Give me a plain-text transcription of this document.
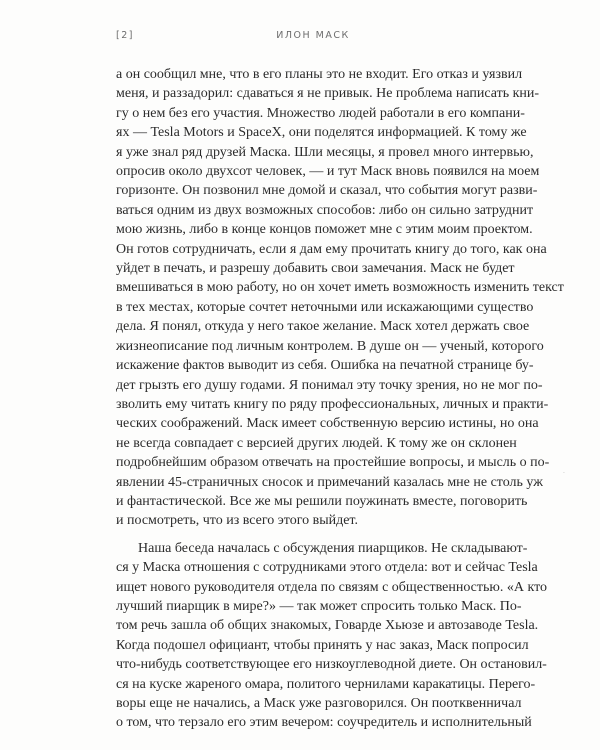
[2]	ИЛОН МАСК

а он сообщил мне, что в его планы это не входит. Его отказ и уязвил
меня, и раззадорил: сдаваться я не привык. Не проблема написать кни-
гу о нем без его участия. Множество людей работали в его компани-
ях — Tesla Motors и SpaceX, они поделятся информацией. К тому же
я уже знал ряд друзей Маска. Шли месяцы, я провел много интервью,
опросив около двухсот человек, — и тут Маск вновь появился на моем
горизонте. Он позвонил мне домой и сказал, что события могут разви-
ваться одним из двух возможных способов: либо он сильно затруднит
мою жизнь, либо в конце концов поможет мне с этим моим проектом.
Он готов сотрудничать, если я дам ему прочитать книгу до того, как она
уйдет в печать, и разрешу добавить свои замечания. Маск не будет
вмешиваться в мою работу, но он хочет иметь возможность изменить текст
в тех местах, которые сочтет неточными или искажающими существо
дела. Я понял, откуда у него такое желание. Маск хотел держать свое
жизнеописание под личным контролем. В душе он — ученый, которого
искажение фактов выводит из себя. Ошибка на печатной странице бу-
дет грызть его душу годами. Я понимал эту точку зрения, но не мог по-
зволить ему читать книгу по ряду профессиональных, личных и практи-
ческих соображений. Маск имеет собственную версию истины, но она
не всегда совпадает с версией других людей. К тому же он склонен
подробнейшим образом отвечать на простейшие вопросы, и мысль о по-
явлении 45-страничных сносок и примечаний казалась мне не столь уж
и фантастической. Все же мы решили поужинать вместе, поговорить
и посмотреть, что из всего этого выйдет.

Наша беседа началась с обсуждения пиарщиков. Не складывают-
ся у Маска отношения с сотрудниками этого отдела: вот и сейчас Tesla
ищет нового руководителя отдела по связям с общественностью. «А кто
лучший пиарщик в мире?» — так может спросить только Маск. По-
том речь зашла об общих знакомых, Говарде Хьюзе и автозаводе Tesla.
Когда подошел официант, чтобы принять у нас заказ, Маск попросил
что-нибудь соответствующее его низкоуглеводной диете. Он остановил-
ся на куске жареного омара, политого чернилами каракатицы. Перего-
воры еще не начались, а Маск уже разговорился. Он поотквенничал
о том, что терзало его этим вечером: соучредитель и исполнительный

·
